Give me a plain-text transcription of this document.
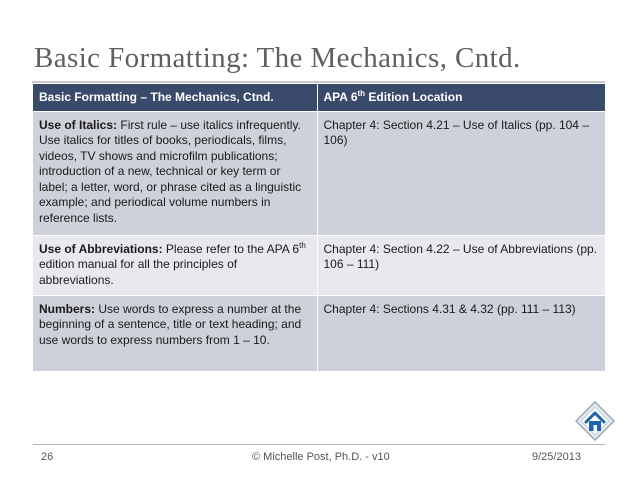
Basic Formatting: The Mechanics, Cntd.
Basic Formatting – The Mechanics, Ctnd.	APA 6th Edition Location
Use of Italics: First rule – use italics infrequently. Use italics for titles of books, periodicals, films, videos, TV shows and microfilm publications; introduction of a new, technical or key term or label; a letter, word, or phrase cited as a linguistic example; and periodical volume numbers in reference lists.	Chapter 4: Section 4.21 – Use of Italics (pp. 104 – 106)
Use of Abbreviations: Please refer to the APA 6th edition manual for all the principles of abbreviations.	Chapter 4: Section 4.22 – Use of Abbreviations (pp. 106 – 111)
Numbers: Use words to express a number at the beginning of a sentence, title or text heading; and use words to express numbers from 1 – 10.	Chapter 4: Sections 4.31 & 4.32 (pp. 111 – 113)
26	© Michelle Post, Ph.D. - v10	9/25/2013
